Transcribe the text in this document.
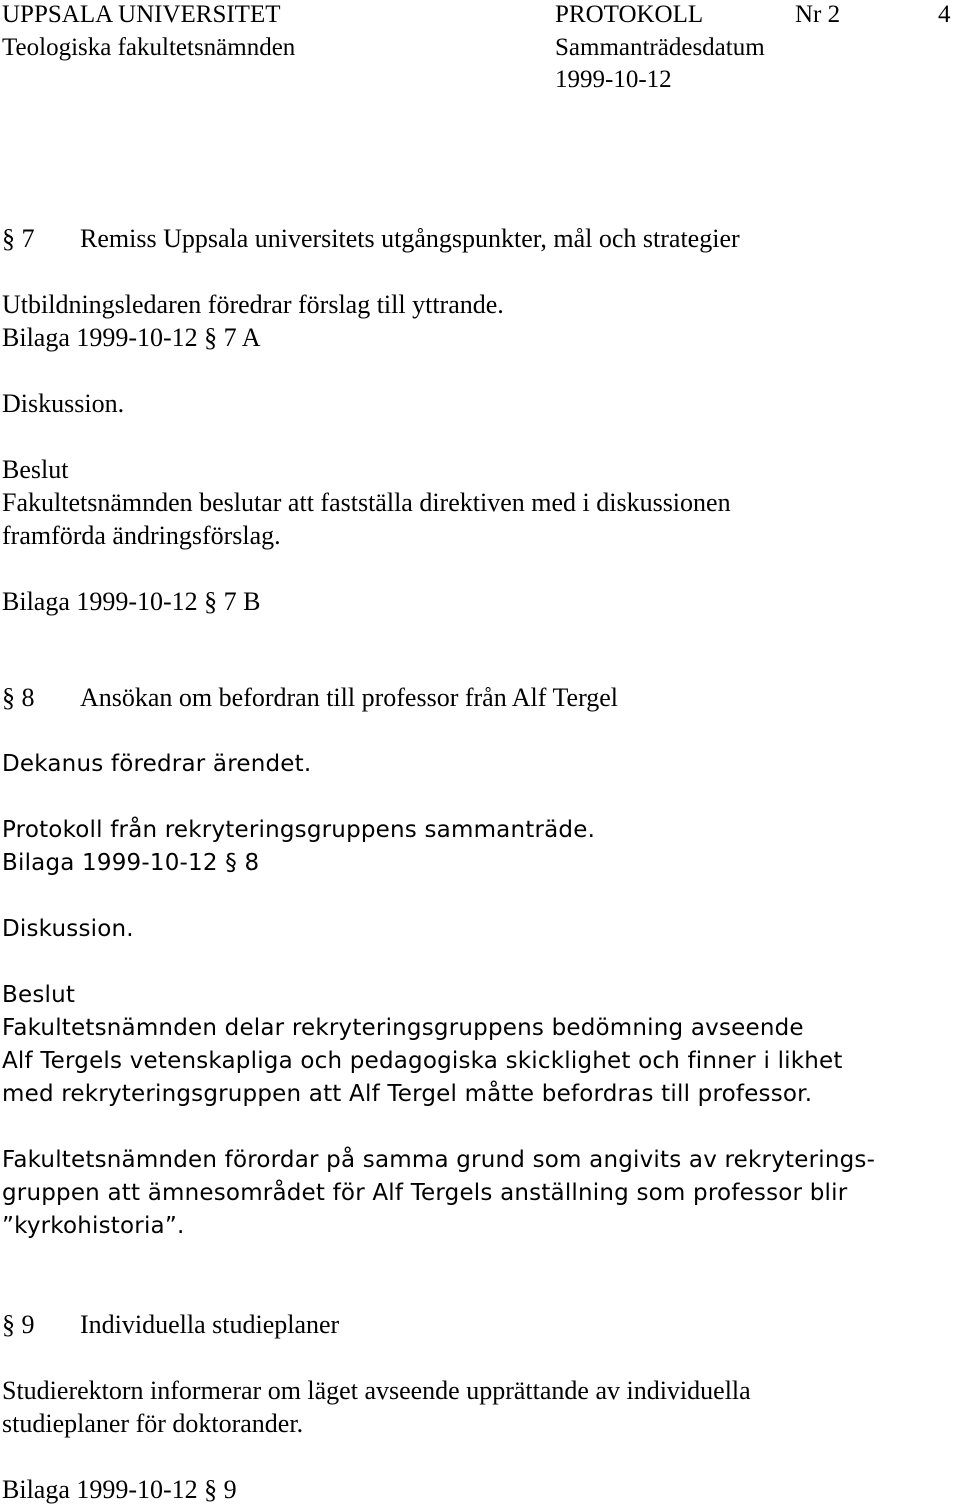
UPPSALA UNIVERSITET
Teologiska fakultetsnämnden
PROTOKOLL	Nr 2	4
Sammanträdesdatum
1999-10-12
§ 7 Remiss Uppsala universitets utgångspunkter, mål och strategier
Utbildningsledaren föredrar förslag till yttrande.
Bilaga 1999-10-12 § 7 A
Diskussion.
Beslut
Fakultetsnämnden beslutar att fastställa direktiven med i diskussionen
framförda ändringsförslag.
Bilaga 1999-10-12 § 7 B
§ 8 Ansökan om befordran till professor från Alf Tergel
Dekanus föredrar ärendet.
Protokoll från rekryteringsgruppens sammanträde.
Bilaga 1999-10-12 § 8
Diskussion.
Beslut
Fakultetsnämnden delar rekryteringsgruppens bedömning avseende
Alf Tergels vetenskapliga och pedagogiska skicklighet och finner i likhet
med rekryteringsgruppen att Alf Tergel måtte befordras till professor.
Fakultetsnämnden förordar på samma grund som angivits av rekryterings-
gruppen att ämnesområdet för Alf Tergels anställning som professor blir
”kyrkohistoria”.
§ 9 Individuella studieplaner
Studierektorn informerar om läget avseende upprättande av individuella
studieplaner för doktorander.
Bilaga 1999-10-12 § 9
